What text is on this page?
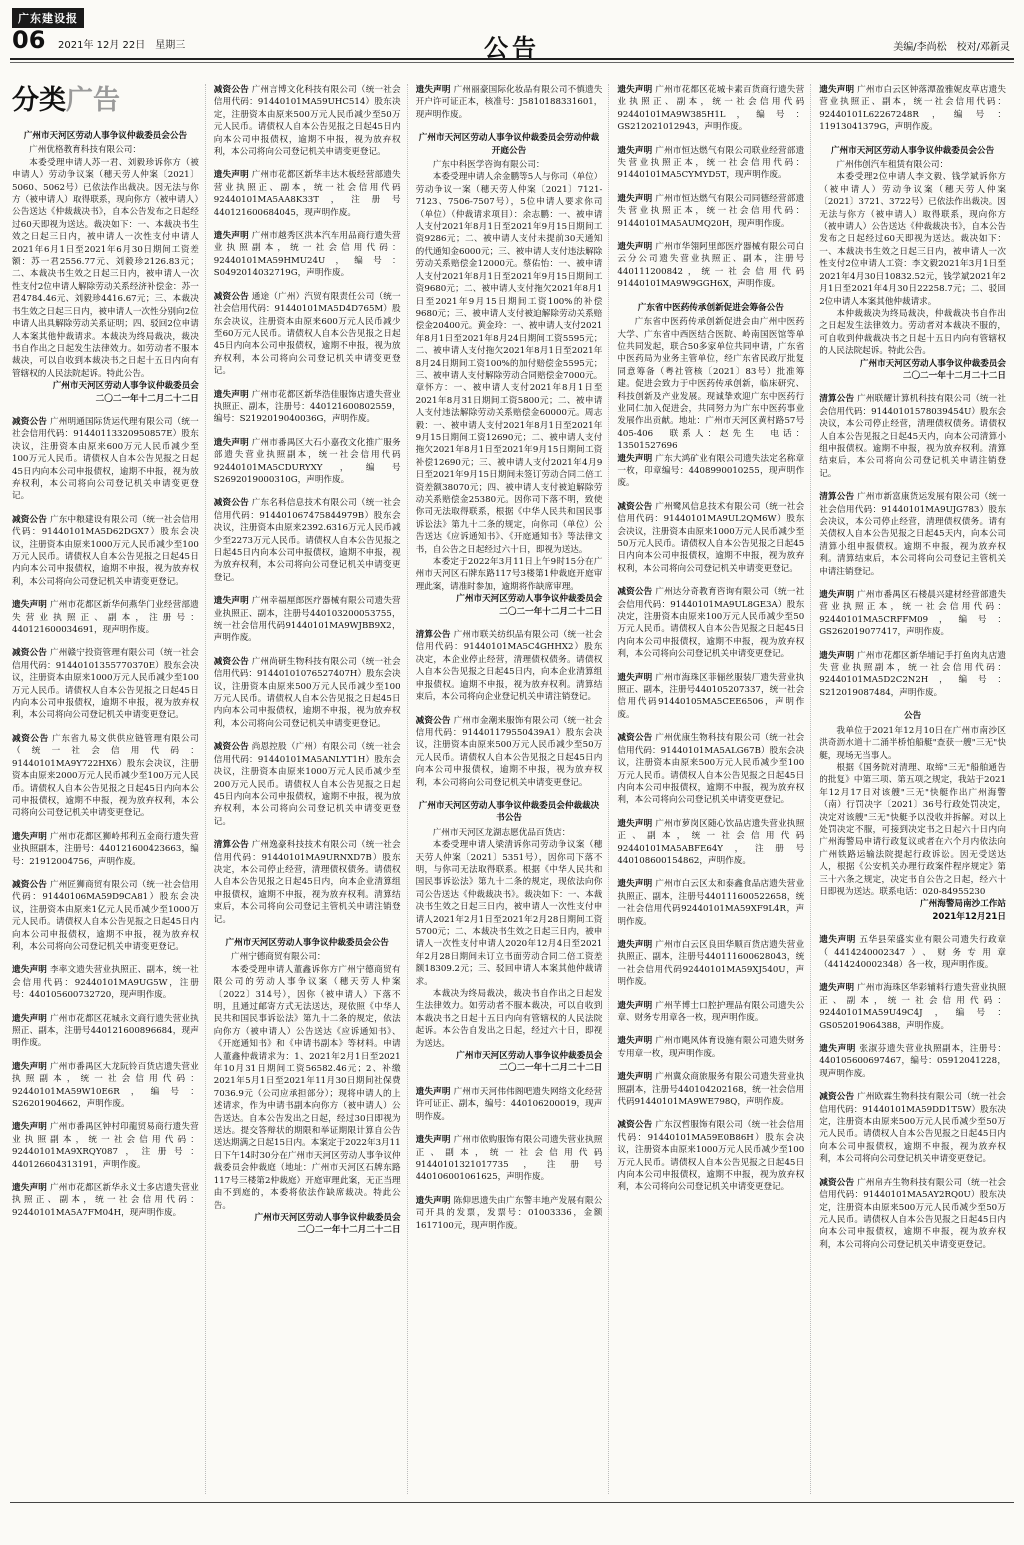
广东建设报
06 2021年 12月 22日　星期三	公告	美编/李尚松　校对/邓新灵
分类广告
广州市天河区劳动人事争议仲裁委员会公告
广州优格教育科技有限公司：
本委受理申请人苏一君、刘毅珍诉你方（被申请人）劳动争议案（穗天劳人仲案〔2021〕5060、5062号）已依法作出裁决。因无法与你方（被申请人）取得联系，现向你方（被申请人）公告送达《仲裁裁决书》，自本公告发布之日起经过60天即视为送达。裁决如下：一、本裁决书生效之日起三日内，被申请人一次性支付申请人2021年6月1日至2021年6月30日期间工资差额：苏一君2556.77元、刘毅珍2126.83元；二、本裁决书生效之日起三日内，被申请人一次性支付2位申请人解除劳动关系经济补偿金：苏一君4784.46元、刘毅珍4416.67元；三、本裁决书生效之日起三日内，被申请人一次性分别向2位申请人出具解除劳动关系证明；四、驳回2位申请人本案其他仲裁请求。本裁决为终局裁决，裁决书自作出之日起发生法律效力。如劳动者不服本裁决，可以自收到本裁决书之日起十五日内向有管辖权的人民法院起诉。特此公告。
广州市天河区劳动人事争议仲裁委员会
二〇二一年十二月二十二日
减资公告 广州明通国际货运代理有限公司（统一社会信用代码：91440113320950857E）股东决议，注册资本由原来600万元人民币减少至100万元人民币。请债权人自本公告见报之日起45日内向本公司申报债权，逾期不申报，视为放弃权利，本公司将向公司登记机关申请变更登记。
减资公告 广东中粮建设有限公司（统一社会信用代码：91440101MA5D62DGX7）股东会决议，注册资本由原来1000万元人民币减少至100万元人民币。请债权人自本公告见报之日起45日内向本公司申报债权，逾期不申报，视为放弃权利，本公司将向公司登记机关申请变更登记。
遗失声明 广州市花都区新华何燕华门业经营部遗失营业执照正、副本，注册号：440121600034691，现声明作废。
减资公告 广州赣宁投资管理有限公司（统一社会信用代码：91440101355770370E）股东会决议，注册资本由原来1000万元人民币减少至100万元人民币。请债权人自本公告见报之日起45日内向本公司申报债权，逾期不申报，视为放弃权利，本公司将向公司登记机关申请变更登记。
减资公告 广东省九易文供供应链管理有限公司（统一社会信用代码：91440101MA9Y722HX6）股东会决议，注册资本由原来2000万元人民币减少至100万元人民币。请债权人自本公告见报之日起45日内向本公司申报债权，逾期不申报，视为放弃权利，本公司将向公司登记机关申请变更登记。
遗失声明 广州市花都区狮岭邦利五金商行遗失营业执照副本，注册号：440121600423663，编号：21912004756，声明作废。
减资公告 广州匠狮商贸有限公司（统一社会信用代码：91440106MA59D9CA81）股东会决议，注册资本由原来1亿元人民币减少至1000万元人民币。请债权人自本公告见报之日起45日内向本公司申报债权，逾期不申报，视为放弃权利，本公司将向公司登记机关申请变更登记。
遗失声明 李率文遗失营业执照正、副本，统一社会信用代码：92440101MA9UG5W，注册号：440105600732720，现声明作废。
遗失声明 广州市花都区花城永文商行遗失营业执照正、副本，注册号440121600896684，现声明作废。
遗失声明 广州市番禺区大龙阮铃百货店遗失营业执照副本，统一社会信用代码：92440101MA59W10E6R，编号：S26201904662，声明作废。
遗失声明 广州市番禺区钟村印龍贸易商行遗失营业执照副本，统一社会信用代码：92440101MA9XRQY087，注册号：440126604313191，声明作废。
遗失声明 广州市花都区新华永义士多店遗失营业执照正、副本，统一社会信用代码：92440101MA5A7FM04H，现声明作废。
减资公告 广州言博文化科技有限公司（统一社会信用代码：91440101MA59UHC514）股东决定，注册资本由原来500万元人民币减少至50万元人民币。请债权人自本公告见报之日起45日内向本公司申报债权，逾期不申报，视为放弃权利，本公司将向公司登记机关申请变更登记。
遗失声明 广州市花都区新华丰达木板经营部遗失营业执照正、副本，统一社会信用代码92440101MA5AA8K33T，注册号440121600684045，现声明作废。
遗失声明 广州市越秀区洪本汽车用品商行遗失营业执照副本，统一社会信用代码：92440101MA59HMU24U，编号：S0492014032719G，声明作废。
减资公告 通途（广州）汽贸有限责任公司（统一社会信用代码：91440101MA5D4D765M）股东会决议，注册资本由原来600万元人民币减少至60万元人民币。请债权人自本公告见报之日起45日内向本公司申报债权，逾期不申报，视为放弃权利，本公司将向公司登记机关申请变更登记。
遗失声明 广州市花都区新华浩佳服饰店遗失营业执照正、副本，注册号：440121600802559，编号：S2192019040036G，声明作废。
遗失声明 广州市番禺区大石小嘉孜文化推广服务部遗失营业执照副本，统一社会信用代码92440101MA5CDURYXY，编号S2692019000310G，声明作废。
减资公告 广东名科信息技术有限公司（统一社会信用代码：914401067475844979B）股东会决议，注册资本由原来2392.6316万元人民币减少至2273万元人民币。请债权人自本公告见报之日起45日内向本公司申报债权，逾期不申报，视为放弃权利，本公司将向公司登记机关申请变更登记。
遗失声明 广州幸福厘郎医疗器械有限公司遗失营业执照正、副本，注册号440103200053755，统一社会信用代码91440101MA9WJBB9X2，声明作废。
减资公告 广州尚研生物科技有限公司（统一社会信用代码：91440101076527407H）股东会决议，注册资本由原来500万元人民币减少至100万元人民币。请债权人自本公告见报之日起45日内向本公司申报债权，逾期不申报，视为放弃权利，本公司将向公司登记机关申请变更登记。
减资公告 尚恩控股（广州）有限公司（统一社会信用代码：91440101MA5ANLYT1H）股东会决议，注册资本由原来1000万元人民币减少至200万元人民币。请债权人自本公告见报之日起45日内向本公司申报债权，逾期不申报，视为放弃权利，本公司将向公司登记机关申请变更登记。
清算公告 广州逸豪科技技术有限公司（统一社会信用代码：91440101MA9URNXD7B）股东决定，本公司停止经营，清理债权债务。请债权人自本公告见报之日起45日内，向本企业清算组申报债权，逾期不申报，视为放弃权利。清算结束后，本公司将向公司登记主管机关申请注销登记。
广州市天河区劳动人事争议仲裁委员会公告
广州宁德商贸有限公司：
本委受理申请人董鑫诉你方广州宁德商贸有限公司的劳动人事争议案（穗天劳人仲案〔2022〕314号），因你（被申请人）下落不明，且通过邮寄方式无法送达，现依照《中华人民共和国民事诉讼法》第九十二条的规定，依法向你方（被申请人）公告送达《应诉通知书》、《开庭通知书》和《申请书副本》等材料。申请人董鑫仲裁请求为：1、2021年2月1日至2021年10月31日期间工资56582.46元；2、补缴2021年5月1日至2021年11月30日期间社保费7036.9元（公司应承担部分）；现将申请人的上述请求，作为申请书副本向你方（被申请人）公告送达。自本公告发出之日起，经过30日即视为送达。提交答辩状的期限和举证期限计算自公告送达期满之日起15日内。本案定于2022年3月11日下午14时30分在广州市天河区劳动人事争议仲裁委员会仲裁庭（地址：广州市天河区石牌东路117号三楼第2仲裁庭）开庭审理此案，无正当理由不到庭的，本委将依法作缺席裁决。特此公告。
广州市天河区劳动人事争议仲裁委员会
二〇二一年十二月二十二日
遗失声明 广州丽豪国际化妆品有限公司不慎遗失开户许可证正本，核准号：J5810188331601，现声明作废。
广州市天河区劳动人事争议仲裁委员会劳动仲裁开庭公告
广东中科医学咨询有限公司：
本委受理申请人余金鹏等5人与你司（单位）劳动争议一案（穗天劳人仲案〔2021〕7121-7123、7506-7507号），5位申请人要求你司（单位）（仲裁请求项目）：余志鹏：一、被申请人支付2021年8月1日至2021年9月15日期间工资9286元；二、被申请人支付未提前30天通知的代通知金6000元；三、被申请人支付违法解除劳动关系赔偿金12000元。蔡佑怡：一、被申请人支付2021年8月1日至2021年9月15日期间工资9680元；二、被申请人支付拖欠2021年8月1日至2021年9月15日期间工资100%的补偿9680元；三、被申请人支付被迫解除劳动关系赔偿金20400元。黄金玲：一、被申请人支付2021年8月1日至2021年8月24日期间工资5595元；二、被申请人支付拖欠2021年8月1日至2021年8月24日期间工资100%的加付赔偿金5595元；三、被申请人支付解除劳动合同赔偿金7000元。章怀方：一、被申请人支付2021年8月1日至2021年8月31日期间工资5800元；二、被申请人支付违法解除劳动关系赔偿金60000元。周志毅：一、被申请人支付2021年8月1日至2021年9月15日期间工资12690元；二、被申请人支付拖欠2021年8月1日至2021年9月15日期间工资补偿12690元；三、被申请人支付2021年4月9日至2021年9月15日期间未签订劳动合同二倍工资差额38070元；四、被申请人支付被迫解除劳动关系赔偿金25380元。因你司下落不明，致使你司无法取得联系，根据《中华人民共和国民事诉讼法》第九十二条的规定，向你司（单位）公告送达《应诉通知书》、《开庭通知书》等法律文书，自公告之日起经过六十日，即视为送达。
本委定于2022年3月11日上午9时15分在广州市天河区石牌东路117号3楼第1仲裁庭开庭审理此案，请准时参加，逾期将作缺席审理。
广州市天河区劳动人事争议仲裁委员会
二〇二一年十二月二十二日
清算公告 广州市联关纺织品有限公司（统一社会信用代码：91440101MA5C4GHHX2）股东决定，本企业停止经营，清理债权债务。请债权人自本公告见报之日起45日内，向本企业清算组申报债权。逾期不申报，视为放弃权利。清算结束后，本公司将向企业登记机关申请注销登记。
减资公告 广州市金潮来服饰有限公司（统一社会信用代码：914401179550439A1）股东会决议，注册资本由原来500万元人民币减少至50万元人民币。请债权人自本公告见报之日起45日内向本公司申报债权，逾期不申报，视为放弃权利，本公司将向公司登记机关申请变更登记。
广州市天河区劳动人事争议仲裁委员会仲裁裁决书公告
广州市天河区龙湖志愿优品百货店：
本委受理申请人梁清诉你司劳动争议案（穗天劳人仲案〔2021〕5351号），因你司下落不明，与你司无法取得联系。根据《中华人民共和国民事诉讼法》第九十二条的规定，现依法向你司公告送达《仲裁裁决书》。裁决如下：一、本裁决书生效之日起三日内，被申请人一次性支付申请人2021年2月1日至2021年2月28日期间工资5700元；二、本裁决书生效之日起三日内，被申请人一次性支付申请人2020年12月4日至2021年2月28日期间未订立书面劳动合同二倍工资差额18309.2元；三、驳回申请人本案其他仲裁请求。
本裁决为终局裁决，裁决书自作出之日起发生法律效力。如劳动者不服本裁决，可以自收到本裁决书之日起十五日内向有管辖权的人民法院起诉。本公告自发出之日起，经过六十日，即视为送达。
广州市天河区劳动人事争议仲裁委员会
二〇二一年十二月二十二日
遗失声明 广州市天河伟伟阁吧遗失网络文化经营许可证正、副本，编号：440106200019，现声明作废。
遗失声明 广州市依购服饰有限公司遗失营业执照正、副本，统一社会信用代码91440101321017735，注册号440106001061625，声明作废。
遗失声明 陈仰思遗失由广东警丰地产发展有限公司开具的发票，发票号：01003336，金额1617100元，现声明作废。
遗失声明 广州市花都区花城卡素百货商行遗失营业执照正、副本，统一社会信用代码92440101MA9W385H1L，编号：GS212021012943，声明作废。
遗失声明 广州市恒达燃气有限公司联业经营部遗失营业执照正本，统一社会信用代码：91440101MA5CYMYD5T，现声明作废。
遗失声明 广州市恒达燃气有限公司同德经营部遗失营业执照正本，统一社会信用代码：91440101MA5AUMQ20H，现声明作废。
遗失声明 广州市华翎阿里郎医疗器械有限公司白云分公司遗失营业执照正、副本，注册号440111200842，统一社会信用代码91440101MA9W9GGH6X，声明作废。
广东省中医药传承创新促进会筹备公告
广东省中医药传承创新促进会由广州中医药大学、广东省中西医结合医院、岭南国医馆等单位共同发起，联合50多家单位共同申请，广东省中医药局为业务主管单位，经广东省民政厅批复同意筹备（粤社管核〔2021〕83号）批准筹建。促进会致力于中医药传承创新，临床研究、科技创新及产业发展。现诚挚欢迎广东中医药行业同仁加入促进会，共同努力为广东中医药事业发展作出贡献。地址：广州市天河区黄村路57号405-406　联系人：赵先生　电话：13501527696
遗失声明 广东大鸿矿业有限公司遗失法定名称章一枚，印章编号：4408990010255，现声明作废。
减资公告 广州鹭风信息技术有限公司（统一社会信用代码：91440101MA9UL2QM6W）股东会决议，注册资本由原来1000万元人民币减少至50万元人民币。请债权人自本公告见报之日起45日内向本公司申报债权，逾期不申报，视为放弃权利，本公司将向公司登记机关申请变更登记。
减资公告 广州达分奇教育咨询有限公司（统一社会信用代码：91440101MA9UL8GE3A）股东决定，注册资本由原来100万元人民币减少至50万元人民币。请债权人自本公告见报之日起45日内向本公司申报债权，逾期不申报，视为放弃权利，本公司将向公司登记机关申请变更登记。
遗失声明 广州市海珠区菲俪丝服装厂遗失营业执照正、副本，注册号440105207337，统一社会信用代码91440105MA5CEE6506，声明作废。
减资公告 广州优康生物科技有限公司（统一社会信用代码：91440101MA5ALG67B）股东会决议，注册资本由原来500万元人民币减少至100万元人民币。请债权人自本公告见报之日起45日内向本公司申报债权，逾期不申报，视为放弃权利，本公司将向公司登记机关申请变更登记。
遗失声明 广州市萝岗区随心饮品店遗失营业执照正、副本，统一社会信用代码92440101MA5ABFE64Y，注册号440108600154862，声明作废。
遗失声明 广州市白云区太和泰鑫食品店遗失营业执照正、副本，注册号440111600522658，统一社会信用代码92440101MA59XF9L4R，声明作废。
遗失声明 广州市白云区良田华顺百货店遗失营业执照正、副本，注册号440111600628043，统一社会信用代码92440101MA59XJ540U，声明作废。
遗失声明 广州芊博士口腔护理品有限公司遗失公章、财务专用章各一枚，现声明作废。
遗失声明 广州市飓风体育设施有限公司遗失财务专用章一枚，现声明作废。
遗失声明 广州冀众商旅服务有限公司遗失营业执照副本，注册号440104202168，统一社会信用代码91440101MA9WE798Q，声明作废。
减资公告 广东汉哲服饰有限公司（统一社会信用代码：91440101MA59E0B86H）股东会决议，注册资本由原来1000万元人民币减少至100万元人民币。请债权人自本公告见报之日起45日内向本公司申报债权，逾期不申报，视为放弃权利，本公司将向公司登记机关申请变更登记。
遗失声明 广州市白云区钟落潭盈雅妮皮草店遗失营业执照正、副本，统一社会信用代码：92440101L62267248R，编号：11913041379G，声明作废。
广州市天河区劳动人事争议仲裁委员会公告
广州伟创汽车租赁有限公司：
本委受理2位申请人李文毅、钱学斌诉你方（被申请人）劳动争议案（穗天劳人仲案〔2021〕3721、3722号）已依法作出裁决。因无法与你方（被申请人）取得联系，现向你方（被申请人）公告送达《仲裁裁决书》，自本公告发布之日起经过60天即视为送达。裁决如下：一、本裁决书生效之日起三日内，被申请人一次性支付2位申请人工资：李文毅2021年3月1日至2021年4月30日10832.52元，钱学斌2021年2月1日至2021年4月30日22258.7元；二、驳回2位申请人本案其他仲裁请求。
本仲裁裁决为终局裁决，仲裁裁决书自作出之日起发生法律效力。劳动者对本裁决不服的，可自收到仲裁裁决书之日起十五日内向有管辖权的人民法院起诉。特此公告。
广州市天河区劳动人事争议仲裁委员会
二〇二一年十二月二十二日
清算公告 广州联耀计算机科技有限公司（统一社会信用代码：91440101578039454U）股东会决议，本公司停止经营，清理债权债务。请债权人自本公告见报之日起45天内，向本公司清算小组申报债权。逾期不申报，视为放弃权利。清算结束后，本公司将向公司登记机关申请注销登记。
清算公告 广州市新富康货运发展有限公司（统一社会信用代码：91440101MA9UJG783）股东会决议，本公司停止经营，清理债权债务。请有关债权人自本公告见报之日起45天内，向本公司清算小组申报债权。逾期不申报，视为放弃权利。清算结束后，本公司将向公司登记主管机关申请注销登记。
遗失声明 广州市番禺区石楼晨兴建材经营部遗失营业执照正本，统一社会信用代码：92440101MA5CRFFM09，编号：GS262019077417，声明作废。
遗失声明 广州市花都区新华埔记手打鱼肉丸店遗失营业执照副本，统一社会信用代码：92440101MA5D2C2N2H，编号：S212019087484，声明作废。
公告
我单位于2021年12月10日在广州市南沙区洪奇沥水道十二涌半桥怕船艇"查获一艘"三无"快艇，现场无当事人。
根据《国务院对清理、取缔"三无"船舶通告的批复》中第三项、第五项之规定，我站于2021年12月17日对该艘"三无"快艇作出广州海警（南）行罚决字〔2021〕36号行政处罚决定，决定对该艘"三无"快艇予以没收并拆解。对以上处罚决定不服，可接到决定书之日起六十日内向广州海警局申请行政复议或者在六个月内依法向广州铁路运输法院提起行政诉讼。因无受送达人，根据《公安机关办理行政案件程序规定》第三十六条之规定，决定书自公告之日起，经六十日即视为送达。联系电话：020-84955230
广州海警局南沙工作站
2021年12月21日
遗失声明 五华县荣盛实业有限公司遗失行政章（4414240002347）、财务专用章（4414240002348）各一枚，现声明作废。
遗失声明 广州市海珠区华彩辅料行遗失营业执照正、副本，统一社会信用代码：92440101MA59U49C4J，编号：GS052019064388，声明作废。
遗失声明 张淑芬遗失营业执照副本，注册号：440105600697467，编号：05912041228，现声明作废。
减资公告 广州欧霖生物科技有限公司（统一社会信用代码：91440101MA59DD1T5W）股东决定，注册资本由原来500万元人民币减少至50万元人民币。请债权人自本公告见报之日起45日内向本公司申报债权，逾期不申报，视为放弃权利，本公司将向公司登记机关申请变更登记。
减资公告 广州帛卉生物科技有限公司（统一社会信用代码：91440101MA5AY2RQ0U）股东决定，注册资本由原来500万元人民币减少至50万元人民币。请债权人自本公告见报之日起45日内向本公司申报债权，逾期不申报，视为放弃权利，本公司将向公司登记机关申请变更登记。
